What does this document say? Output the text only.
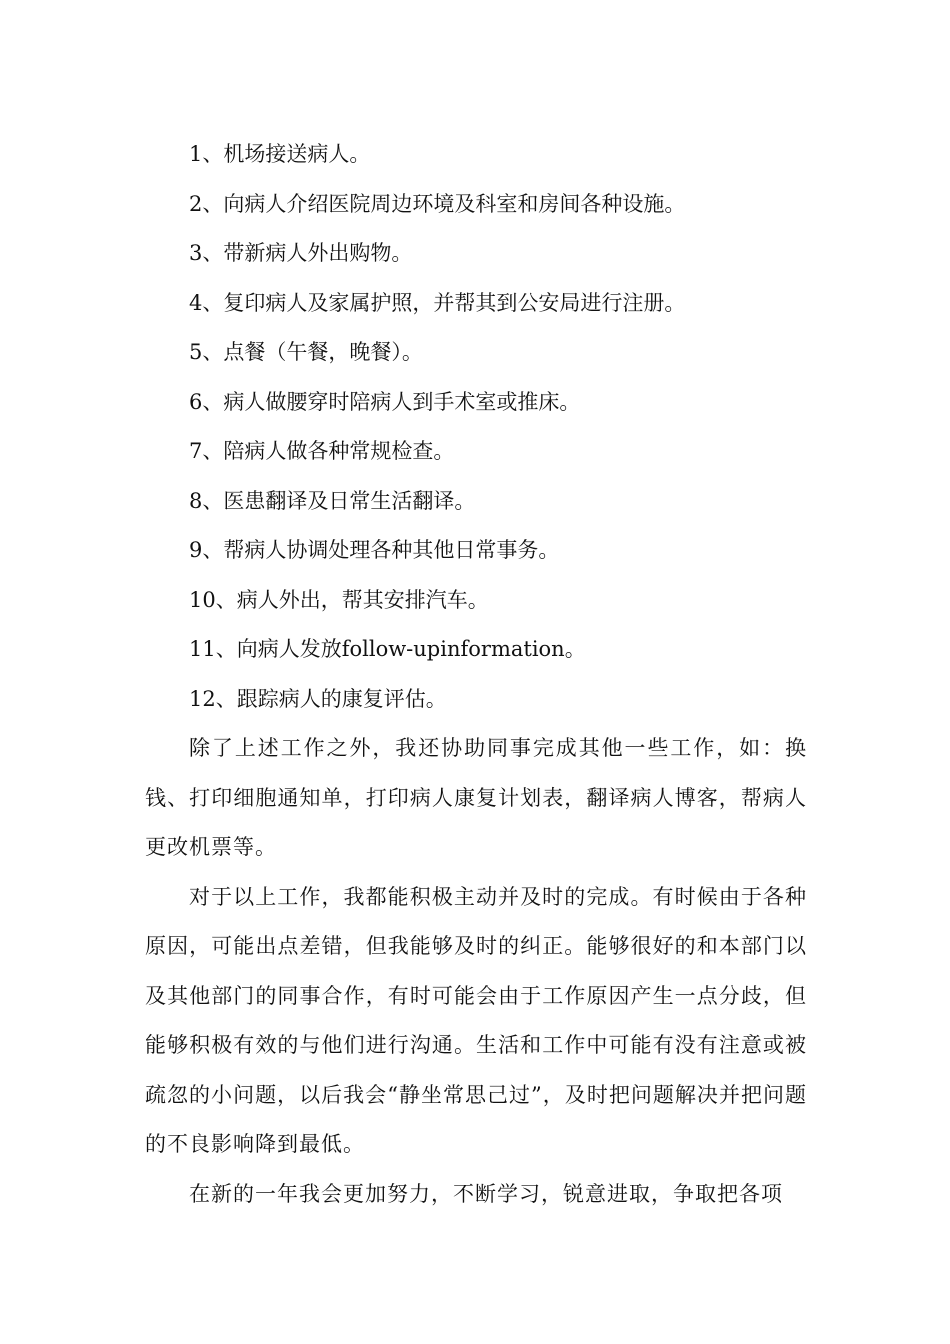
1、机场接送病人。
2、向病人介绍医院周边环境及科室和房间各种设施。
3、带新病人外出购物。
4、复印病人及家属护照，并帮其到公安局进行注册。
5、点餐（午餐，晚餐）。
6、病人做腰穿时陪病人到手术室或推床。
7、陪病人做各种常规检查。
8、医患翻译及日常生活翻译。
9、帮病人协调处理各种其他日常事务。
10、病人外出，帮其安排汽车。
11、向病人发放follow-upinformation。
12、跟踪病人的康复评估。

除了上述工作之外，我还协助同事完成其他一些工作，如：换钱、打印细胞通知单，打印病人康复计划表，翻译病人博客，帮病人更改机票等。

对于以上工作，我都能积极主动并及时的完成。有时候由于各种原因，可能出点差错，但我能够及时的纠正。能够很好的和本部门以及其他部门的同事合作，有时可能会由于工作原因产生一点分歧，但能够积极有效的与他们进行沟通。生活和工作中可能有没有注意或被疏忽的小问题，以后我会“静坐常思己过”，及时把问题解决并把问题的不良影响降到最低。

在新的一年我会更加努力，不断学习，锐意进取，争取把各项
